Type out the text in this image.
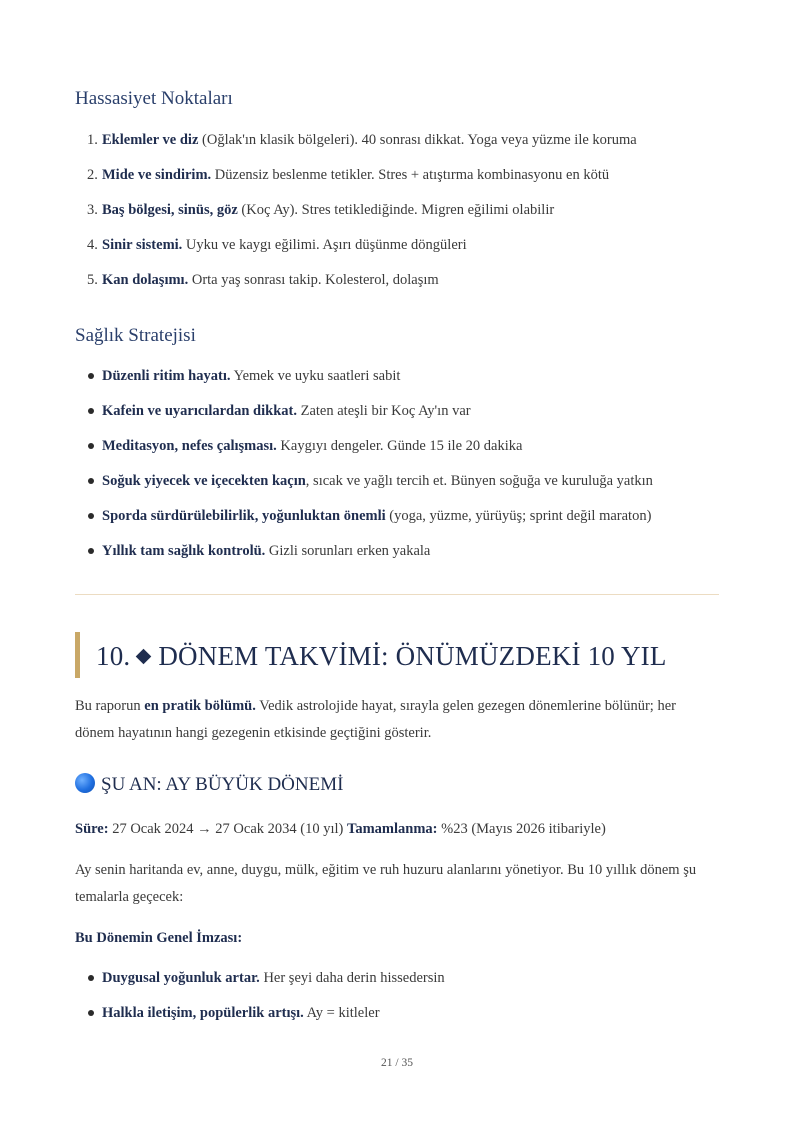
Hassasiyet Noktaları
1. Eklemler ve diz (Oğlak'ın klasik bölgeleri). 40 sonrası dikkat. Yoga veya yüzme ile koruma
2. Mide ve sindirim. Düzensiz beslenme tetikler. Stres + atıştırma kombinasyonu en kötü
3. Baş bölgesi, sinüs, göz (Koç Ay). Stres tetiklediğinde. Migren eğilimi olabilir
4. Sinir sistemi. Uyku ve kaygı eğilimi. Aşırı düşünme döngüleri
5. Kan dolaşımı. Orta yaş sonrası takip. Kolesterol, dolaşım
Sağlık Stratejisi
Düzenli ritim hayatı. Yemek ve uyku saatleri sabit
Kafein ve uyarıcılardan dikkat. Zaten ateşli bir Koç Ay'ın var
Meditasyon, nefes çalışması. Kaygıyı dengeler. Günde 15 ile 20 dakika
Soğuk yiyecek ve içecekten kaçın, sıcak ve yağlı tercih et. Bünyen soğuğa ve kuruluğa yatkın
Sporda sürdürülebilirlik, yoğunluktan önemli (yoga, yüzme, yürüyüş; sprint değil maraton)
Yıllık tam sağlık kontrolü. Gizli sorunları erken yakala
10. DÖNEM TAKVİMİ: ÖNÜMÜZDEKİ 10 YIL

Bu raporun en pratik bölümü. Vedik astrolojide hayat, sırayla gelen gezegen dönemlerine bölünür; her dönem hayatının hangi gezegenin etkisinde geçtiğini gösterir.

ŞU AN: AY BÜYÜK DÖNEMİ

Süre: 27 Ocak 2024 → 27 Ocak 2034 (10 yıl) Tamamlanma: %23 (Mayıs 2026 itibariyle)

Ay senin haritanda ev, anne, duygu, mülk, eğitim ve ruh huzuru alanlarını yönetiyor. Bu 10 yıllık dönem şu temalarla geçecek:

Bu Dönemin Genel İmzası:

Duygusal yoğunluk artar. Her şeyi daha derin hissedersin
Halkla iletişim, popülerlik artışı. Ay = kitleler
21 / 35
